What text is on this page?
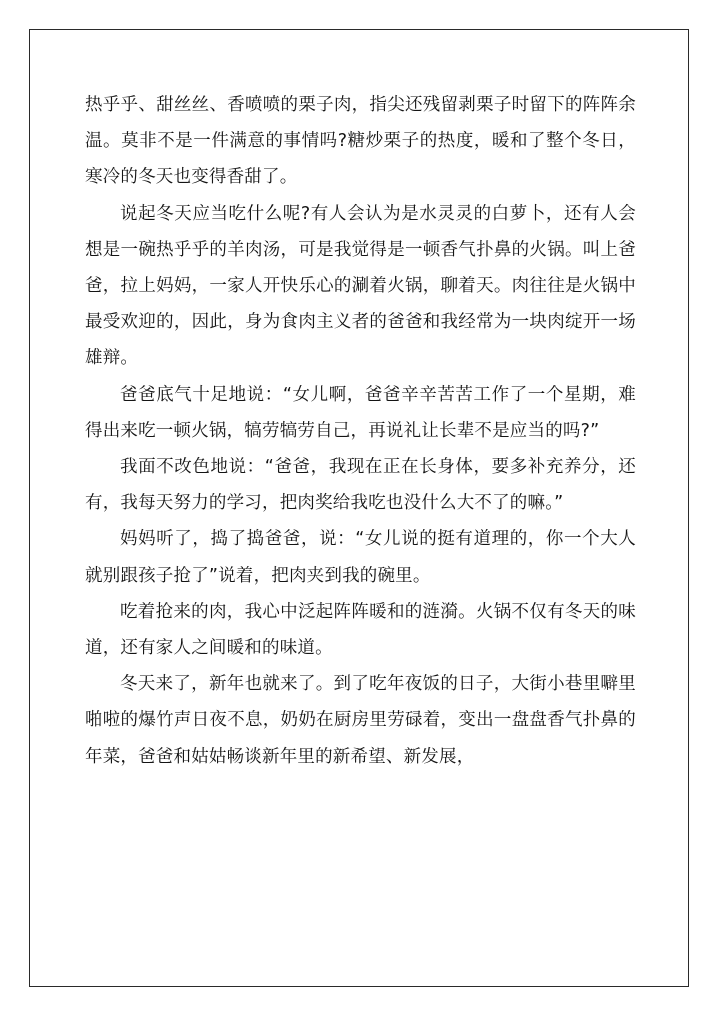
热乎乎、甜丝丝、香喷喷的栗子肉，指尖还残留剥栗子时留下的阵阵余温。莫非不是一件满意的事情吗?糖炒栗子的热度，暖和了整个冬日，寒冷的冬天也变得香甜了。

说起冬天应当吃什么呢?有人会认为是水灵灵的白萝卜，还有人会想是一碗热乎乎的羊肉汤，可是我觉得是一顿香气扑鼻的火锅。叫上爸爸，拉上妈妈，一家人开快乐心的涮着火锅，聊着天。肉往往是火锅中最受欢迎的，因此，身为食肉主义者的爸爸和我经常为一块肉绽开一场雄辩。

爸爸底气十足地说：“女儿啊，爸爸辛辛苦苦工作了一个星期，难得出来吃一顿火锅，犒劳犒劳自己，再说礼让长辈不是应当的吗?”

我面不改色地说：“爸爸，我现在正在长身体，要多补充养分，还有，我每天努力的学习，把肉奖给我吃也没什么大不了的嘛。”

妈妈听了，捣了捣爸爸，说：“女儿说的挺有道理的，你一个大人就别跟孩子抢了”说着，把肉夹到我的碗里。

吃着抢来的肉，我心中泛起阵阵暖和的涟漪。火锅不仅有冬天的味道，还有家人之间暖和的味道。

冬天来了，新年也就来了。到了吃年夜饭的日子，大街小巷里噼里啪啦的爆竹声日夜不息，奶奶在厨房里劳碌着，变出一盘盘香气扑鼻的年菜，爸爸和姑姑畅谈新年里的新希望、新发展，
